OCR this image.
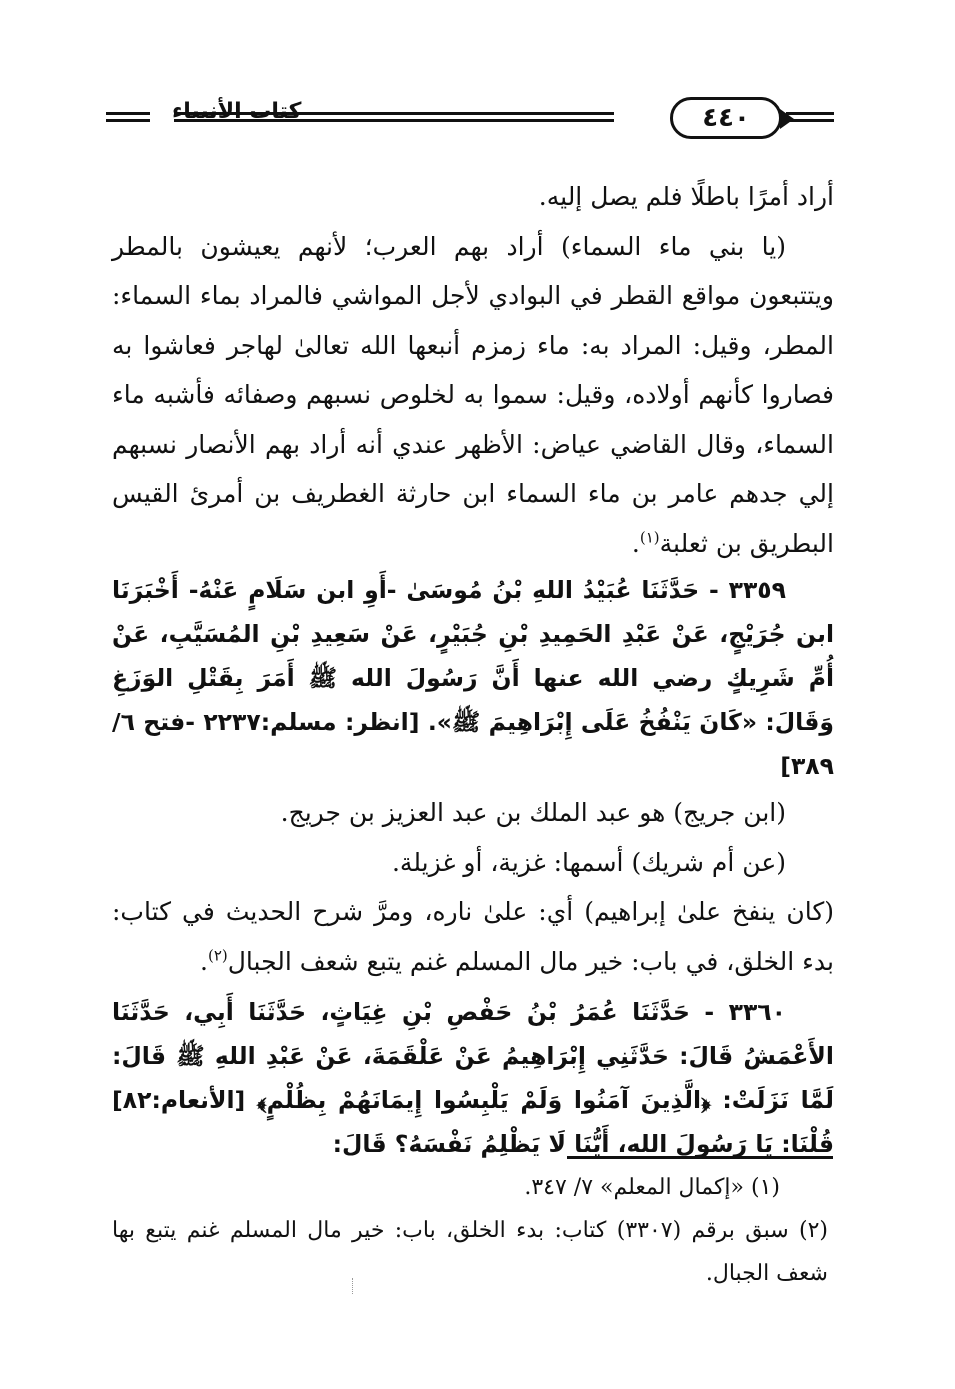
٤٤٠
كتاب الأنبياء

أراد أمرًا باطلًا فلم يصل إليه.

(يا بني ماء السماء) أراد بهم العرب؛ لأنهم يعيشون بالمطر ويتتبعون مواقع القطر في البوادي لأجل المواشي فالمراد بماء السماء: المطر، وقيل: المراد به: ماء زمزم أنبعها الله تعالىٰ لهاجر فعاشوا به فصاروا كأنهم أولاده، وقيل: سموا به لخلوص نسبهم وصفائه فأشبه ماء السماء، وقال القاضي عياض: الأظهر عندي أنه أراد بهم الأنصار نسبهم إلي جدهم عامر بن ماء السماء ابن حارثة الغطريف بن أمرئ القيس البطريق بن ثعلبة$^{(١)}$.

٣٣٥٩ - حَدَّثَنَا عُبَيْدُ اللهِ بْنُ مُوسَىٰ -أَوِ ابن سَلَامٍ عَنْهُ- أَخْبَرَنَا ابن جُرَيْجٍ، عَنْ عَبْدِ الحَمِيدِ بْنِ جُبَيْرٍ، عَنْ سَعِيدِ بْنِ المُسَيَّبِ، عَنْ أُمِّ شَرِيكٍ رضي الله عنها أَنَّ رَسُولَ الله ﷺ أَمَرَ بِقَتْلِ الوَزَغِ وَقَالَ: «كَانَ يَنْفُخُ عَلَى إِبْرَاهِيمَ ﷺ». [انظر: مسلم:٢٢٣٧ -فتح ٦/ ٣٨٩]

(ابن جريج) هو عبد الملك بن عبد العزيز بن جريج.

(عن أم شريك) أسمها: غزية، أو غزيلة.

(كان ينفخ علىٰ إبراهيم) أي: علىٰ ناره، ومرَّ شرح الحديث في كتاب: بدء الخلق، في باب: خير مال المسلم غنم يتبع شعف الجبال$^{(٢)}$.

٣٣٦٠ - حَدَّثَنَا عُمَرُ بْنُ حَفْصِ بْنِ غِيَاثٍ، حَدَّثَنَا أَبِي، حَدَّثَنَا الأَعْمَشُ قَالَ: حَدَّثَنِي إِبْرَاهِيمُ عَنْ عَلْقَمَةَ، عَنْ عَبْدِ اللهِ ﷺ قَالَ: لَمَّا نَزَلَتْ: ﴿الَّذِينَ آمَنُوا وَلَمْ يَلْبِسُوا إِيمَانَهُمْ بِظُلْمٍ﴾ [الأنعام:٨٢] قُلْنَا: يَا رَسُولَ الله، أَيُّنَا لَا يَظْلِمُ نَفْسَهُ؟ قَالَ:

(١) «إكمال المعلم» ٧/ ٣٤٧.

(٢) سبق برقم (٣٣٠٧) كتاب: بدء الخلق، باب: خير مال المسلم غنم يتبع بها شعف الجبال.
